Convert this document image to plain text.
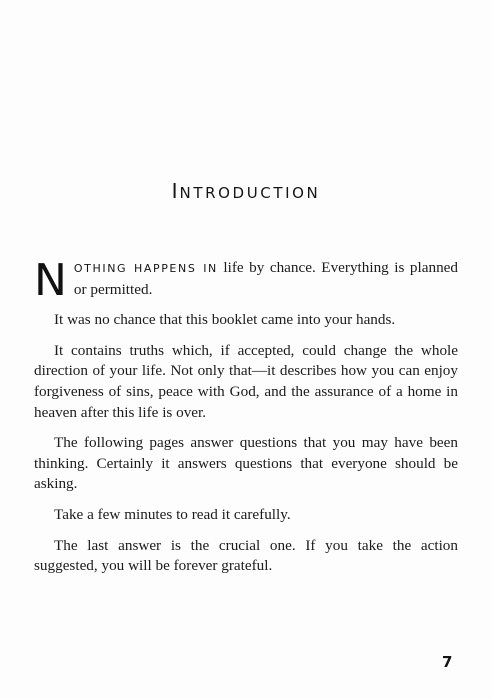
INTRODUCTION

NOTHING HAPPENS IN life by chance. Everything is planned or permitted.

It was no chance that this booklet came into your hands.

It contains truths which, if accepted, could change the whole direction of your life. Not only that—it describes how you can enjoy forgiveness of sins, peace with God, and the assurance of a home in heaven after this life is over.

The following pages answer questions that you may have been thinking. Certainly it answers questions that everyone should be asking.

Take a few minutes to read it carefully.

The last answer is the crucial one. If you take the action suggested, you will be forever grateful.

7
